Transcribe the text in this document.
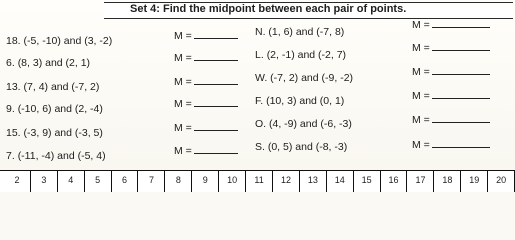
Set 4: Find the midpoint between each pair of points.
18. (-5, -10) and (3, -2)
6. (8, 3) and (2, 1)
13. (7, 4) and (-7, 2)
9. (-10, 6) and (2, -4)
15. (-3, 9) and (-3, 5)
7. (-11, -4) and (-5, 4)
M =
M =
M =
M =
M =
M =
N. (1, 6) and (-7, 8)
L. (2, -1) and (-2, 7)
W. (-7, 2) and (-9, -2)
F. (10, 3) and (0, 1)
O. (4, -9) and (-6, -3)
S. (0, 5) and (-8, -3)
M =
M =
M =
M =
M =
M =
2	3	4	5	6	7	8	9	10	11	12	13	14	15	16	17	18	19	20
